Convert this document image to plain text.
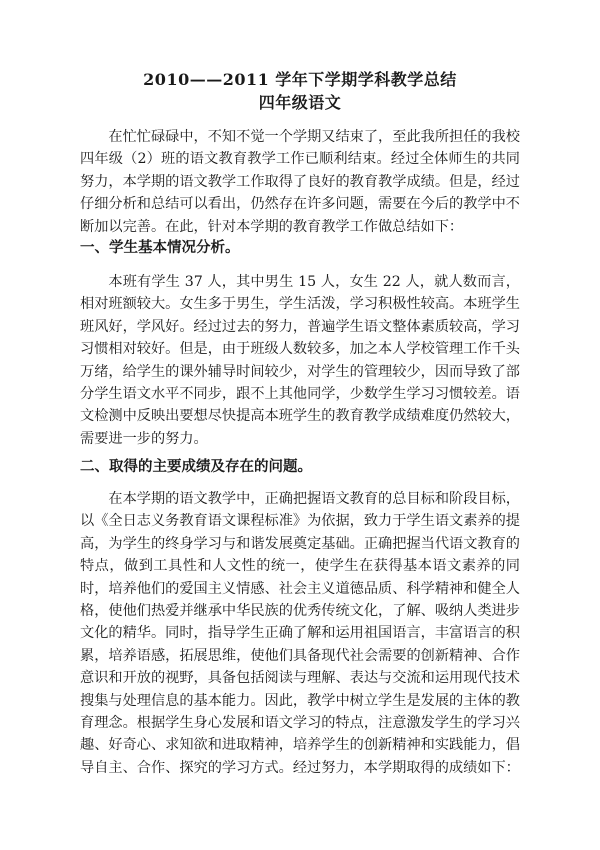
2010——2011 学年下学期学科教学总结
四年级语文

在忙忙碌碌中，不知不觉一个学期又结束了，至此我所担任的我校四年级（2）班的语文教育教学工作已顺利结束。经过全体师生的共同努力，本学期的语文教学工作取得了良好的教育教学成绩。但是，经过仔细分析和总结可以看出，仍然存在许多问题，需要在今后的教学中不断加以完善。在此，针对本学期的教育教学工作做总结如下：

一、学生基本情况分析。

本班有学生 37 人，其中男生 15 人，女生 22 人，就人数而言，相对班额较大。女生多于男生，学生活泼，学习积极性较高。本班学生班风好，学风好。经过过去的努力，普遍学生语文整体素质较高，学习习惯相对较好。但是，由于班级人数较多，加之本人学校管理工作千头万绪，给学生的课外辅导时间较少，对学生的管理较少，因而导致了部分学生语文水平不同步，跟不上其他同学，少数学生学习习惯较差。语文检测中反映出要想尽快提高本班学生的教育教学成绩难度仍然较大，需要进一步的努力。

二、取得的主要成绩及存在的问题。

在本学期的语文教学中，正确把握语文教育的总目标和阶段目标，以《全日志义务教育语文课程标准》为依据，致力于学生语文素养的提高，为学生的终身学习与和谐发展奠定基础。正确把握当代语文教育的特点，做到工具性和人文性的统一，使学生在获得基本语文素养的同时，培养他们的爱国主义情感、社会主义道德品质、科学精神和健全人格，使他们热爱并继承中华民族的优秀传统文化，了解、吸纳人类进步文化的精华。同时，指导学生正确了解和运用祖国语言，丰富语言的积累，培养语感，拓展思维，使他们具备现代社会需要的创新精神、合作意识和开放的视野，具备包括阅读与理解、表达与交流和运用现代技术搜集与处理信息的基本能力。因此，教学中树立学生是发展的主体的教育理念。根据学生身心发展和语文学习的特点，注意激发学生的学习兴趣、好奇心、求知欲和进取精神，培养学生的创新精神和实践能力，倡导自主、合作、探究的学习方式。经过努力，本学期取得的成绩如下：
